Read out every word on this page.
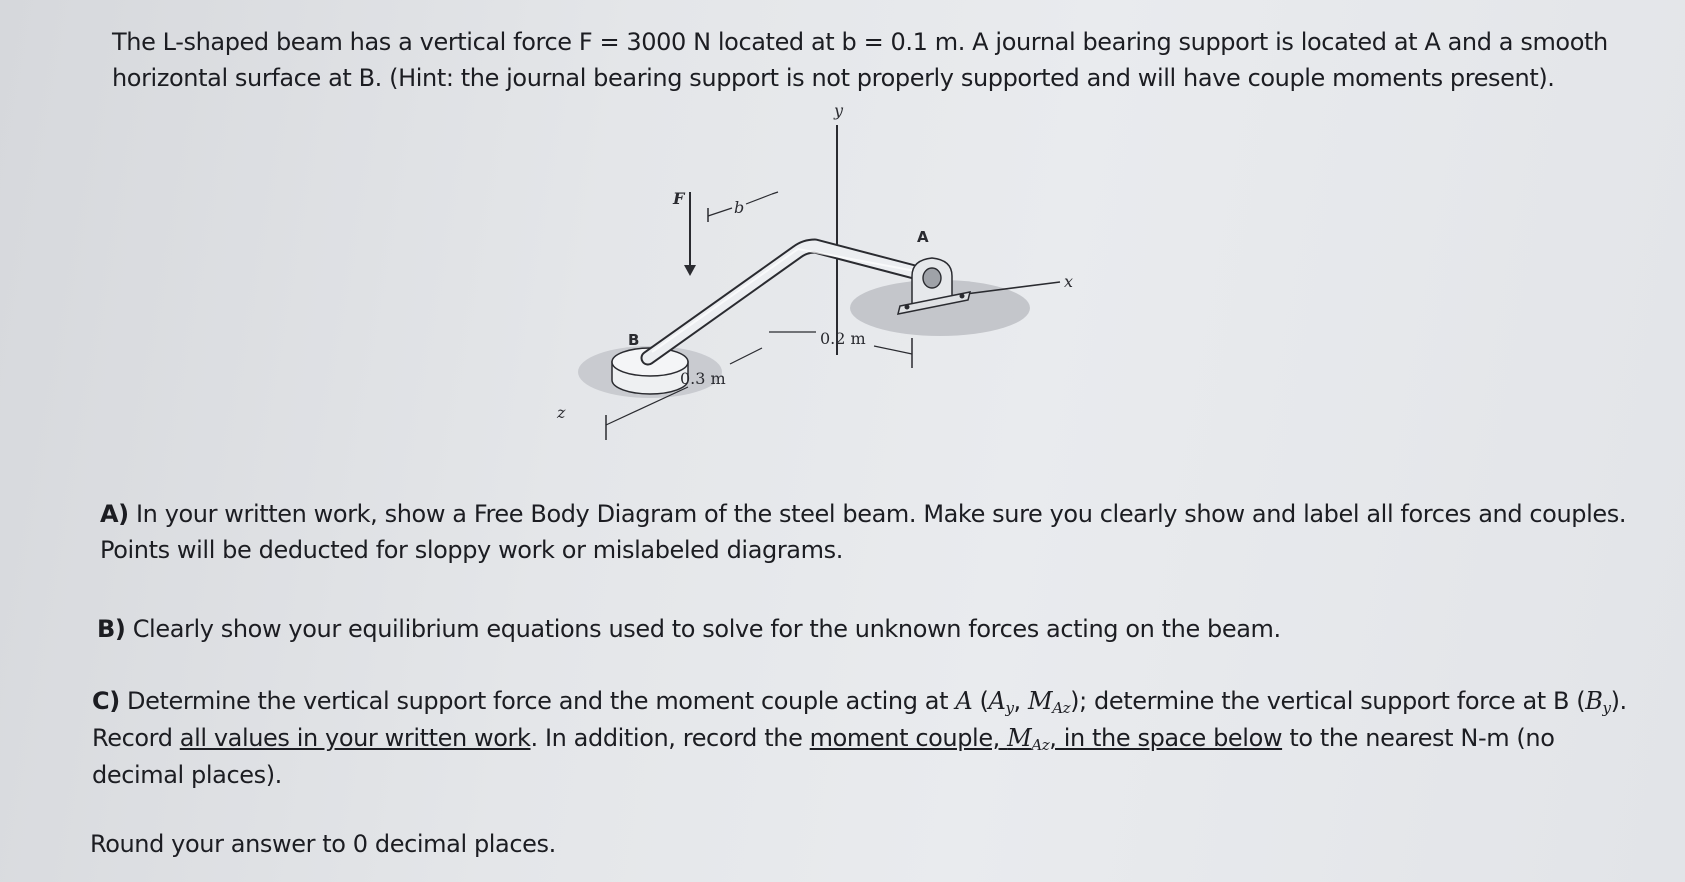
The L-shaped beam has a vertical force F = 3000 N located at b = 0.1 m. A journal bearing support is located at A and a smooth
horizontal surface at B. (Hint: the journal bearing support is not properly supported and will have couple moments present).

y
x
z
B
A
F	b
0.2 m
0.3 m

A) In your written work, show a Free Body Diagram of the steel beam. Make sure you clearly show and label all forces and couples.
Points will be deducted for sloppy work or mislabeled diagrams.

B) Clearly show your equilibrium equations used to solve for the unknown forces acting on the beam.

C) Determine the vertical support force and the moment couple acting at A ($A_y$, $M_{Az}$); determine the vertical support force at B $(B_y)$.
Record all values in your written work. In addition, record the moment couple, $M_{Az}$, in the space below to the nearest N-m (no
decimal places).

Round your answer to 0 decimal places.
